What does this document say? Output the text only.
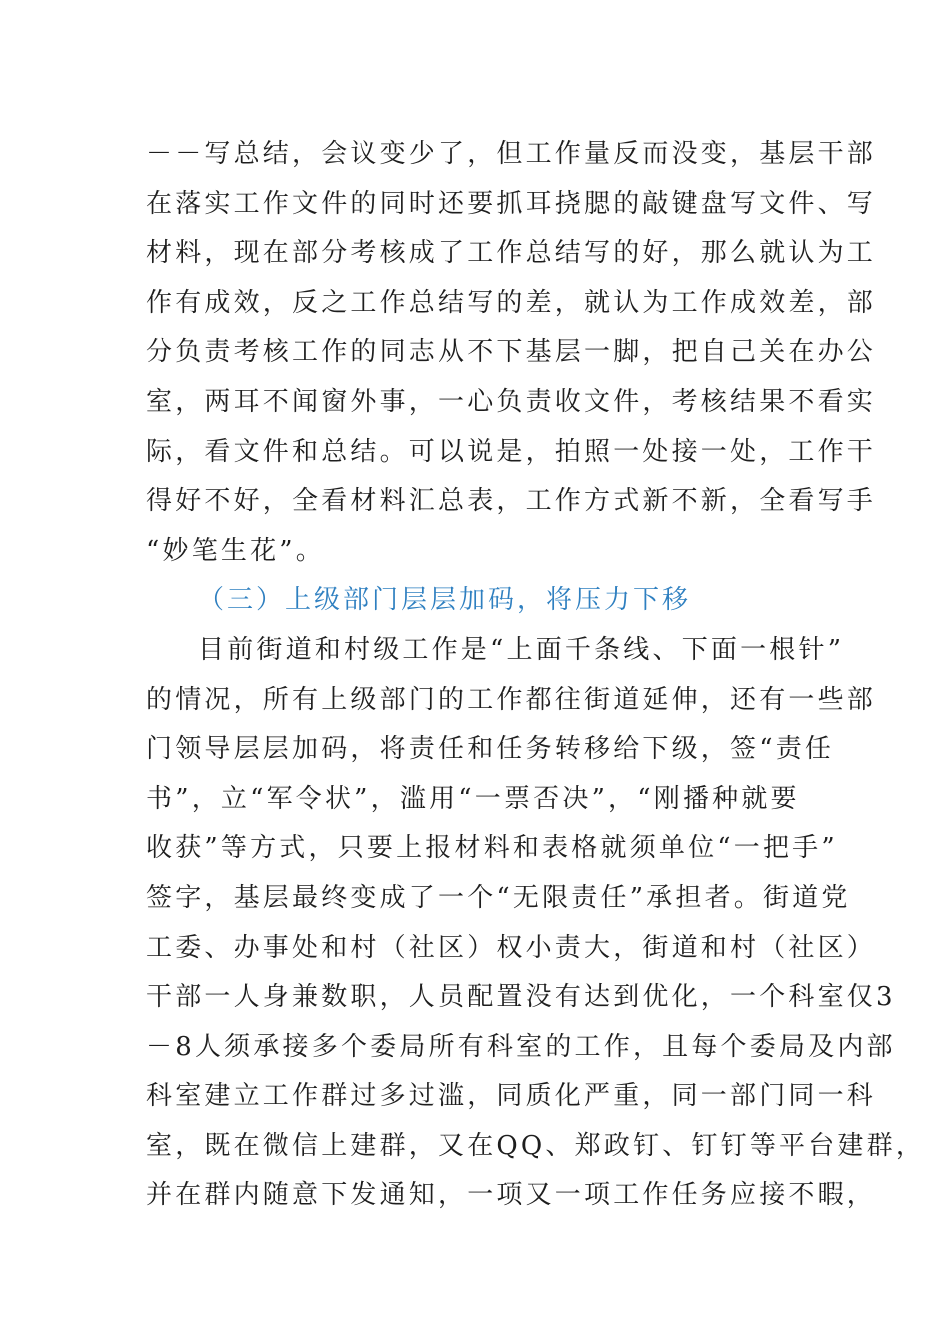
－－写总结，会议变少了，但工作量反而没变，基层干部
在落实工作文件的同时还要抓耳挠腮的敲键盘写文件、写
材料，现在部分考核成了工作总结写的好，那么就认为工
作有成效，反之工作总结写的差，就认为工作成效差，部
分负责考核工作的同志从不下基层一脚，把自己关在办公
室，两耳不闻窗外事，一心负责收文件，考核结果不看实
际，看文件和总结。可以说是，拍照一处接一处，工作干
得好不好，全看材料汇总表，工作方式新不新，全看写手
“妙笔生花”。
（三）上级部门层层加码，将压力下移
目前街道和村级工作是“上面千条线、下面一根针”
的情况，所有上级部门的工作都往街道延伸，还有一些部
门领导层层加码，将责任和任务转移给下级，签“责任
书”，立“军令状”，滥用“一票否决”，“刚播种就要
收获”等方式，只要上报材料和表格就须单位“一把手”
签字，基层最终变成了一个“无限责任”承担者。街道党
工委、办事处和村（社区）权小责大，街道和村（社区）
干部一人身兼数职，人员配置没有达到优化，一个科室仅3
－8人须承接多个委局所有科室的工作，且每个委局及内部
科室建立工作群过多过滥，同质化严重，同一部门同一科
室，既在微信上建群，又在QQ、郑政钉、钉钉等平台建群，
并在群内随意下发通知，一项又一项工作任务应接不暇，
